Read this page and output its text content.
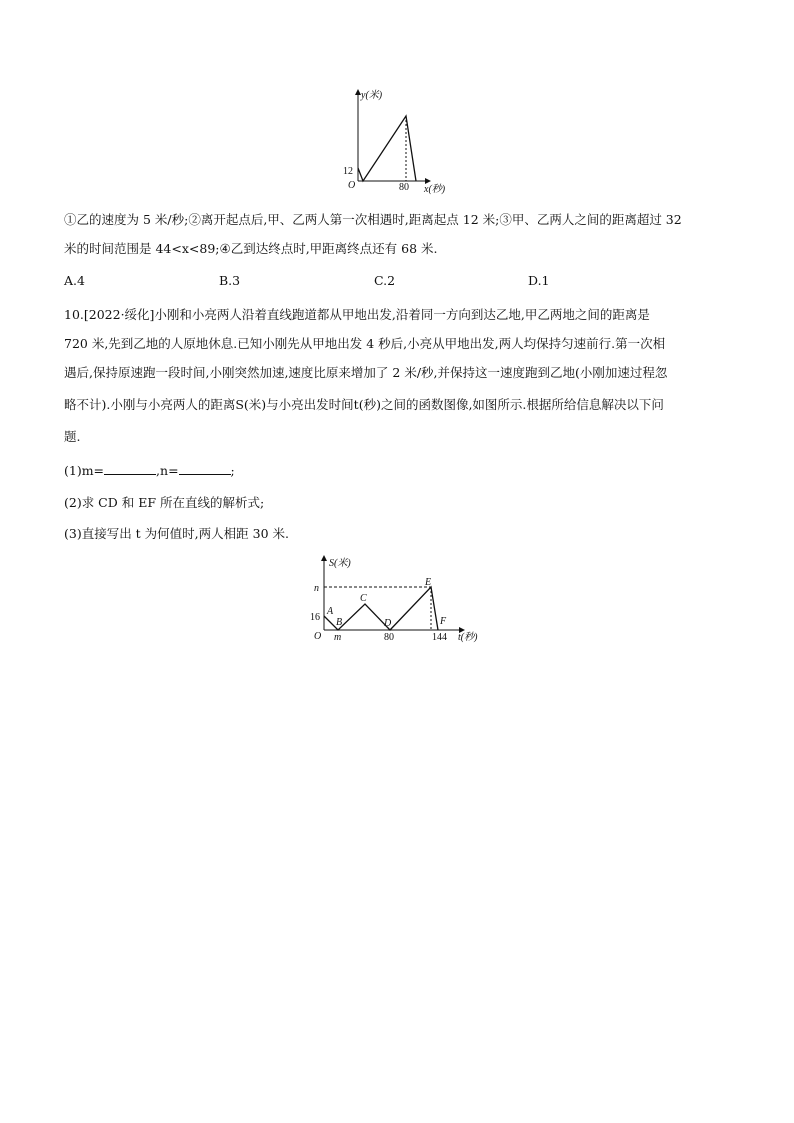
y(米)
x(秒)
O
12
80
①乙的速度为 5 米/秒;②离开起点后,甲、乙两人第一次相遇时,距离起点 12 米;③甲、乙两人之间的距离超过 32
米的时间范围是 44<x<89;④乙到达终点时,甲距离终点还有 68 米.
A.4	B.3	C.2	D.1
10.[2022·绥化]小刚和小亮两人沿着直线跑道都从甲地出发,沿着同一方向到达乙地,甲乙两地之间的距离是
720 米,先到乙地的人原地休息.已知小刚先从甲地出发 4 秒后,小亮从甲地出发,两人均保持匀速前行.第一次相
遇后,保持原速跑一段时间,小刚突然加速,速度比原来增加了 2 米/秒,并保持这一速度跑到乙地(小刚加速过程忽
略不计).小刚与小亮两人的距离S(米)与小亮出发时间t(秒)之间的函数图像,如图所示.根据所给信息解决以下问
题.
(1)m=	,n=	;
(2)求 CD 和 EF 所在直线的解析式;
(3)直接写出 t 为何值时,两人相距 30 米.
S(米)
t(秒)
O
n
16
m	80	144
A
B
C
D
E
F
